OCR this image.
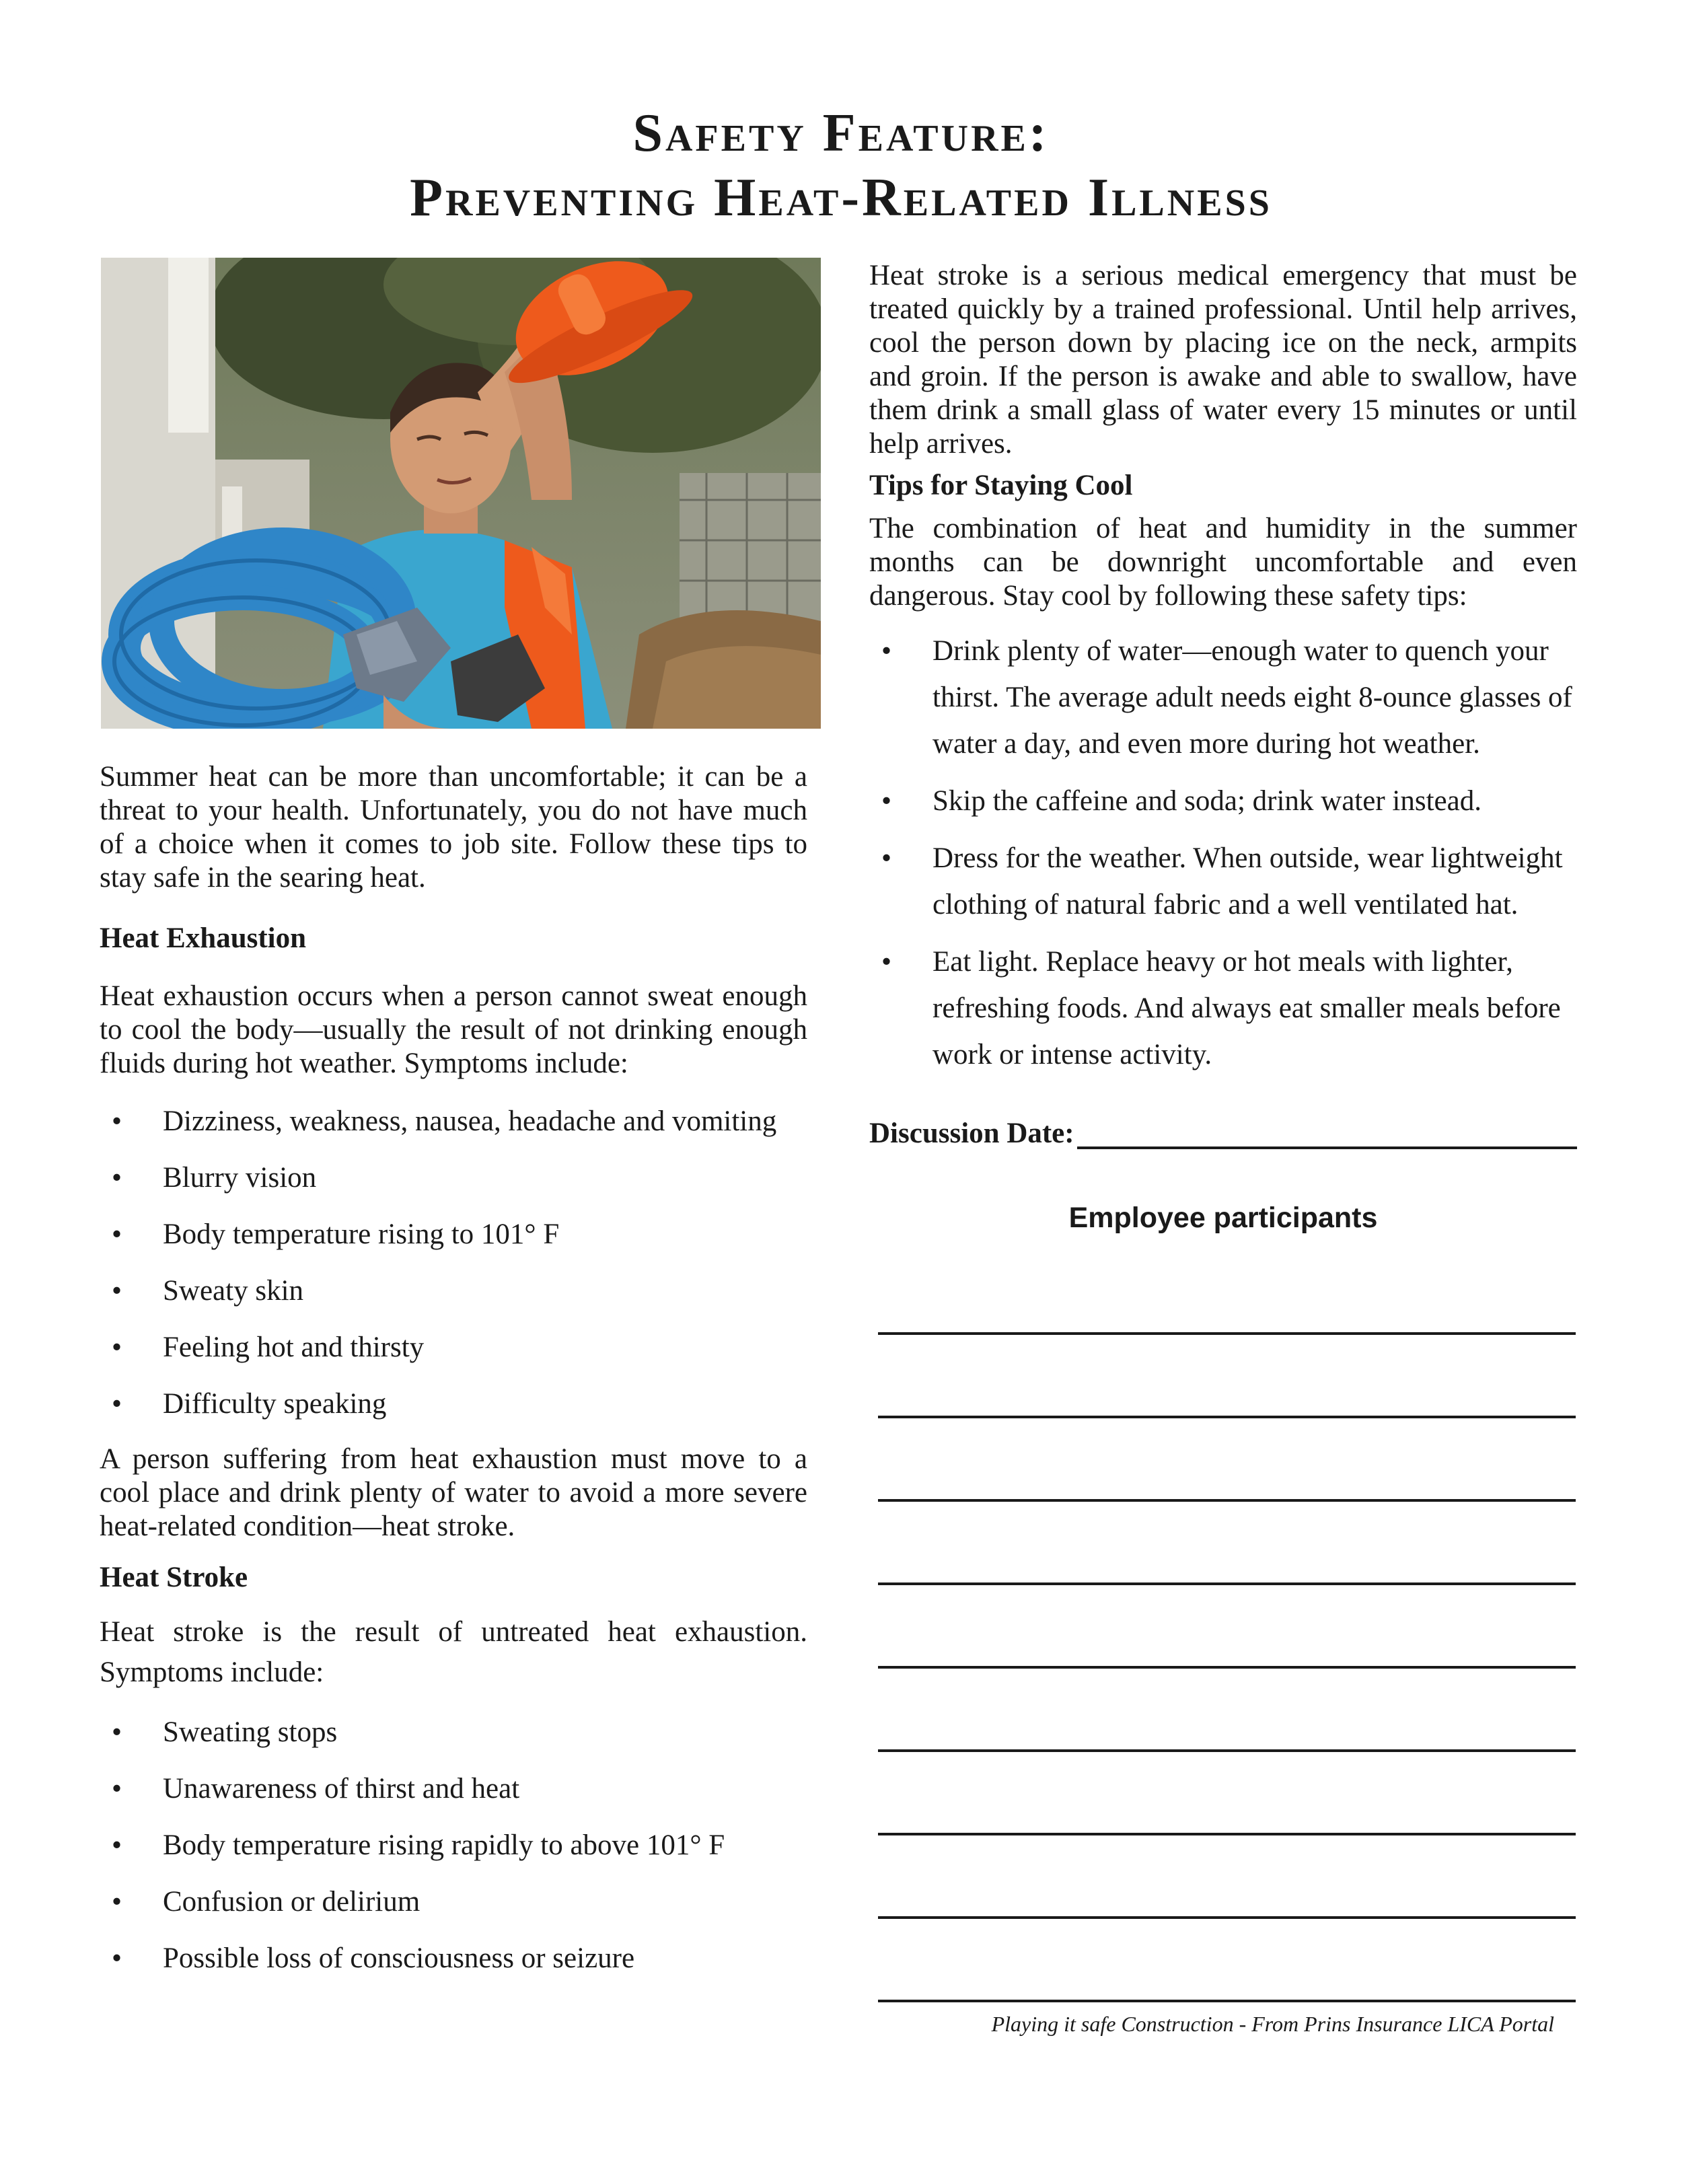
Safety Feature:
Preventing Heat-Related Illness

Summer heat can be more than uncomfortable; it can be a threat to your health. Unfortunately, you do not have much of a choice when it comes to job site. Follow these tips to stay safe in the searing heat.

Heat Exhaustion

Heat exhaustion occurs when a person cannot sweat enough to cool the body—usually the result of not drinking enough fluids during hot weather. Symptoms include:

• Dizziness, weakness, nausea, headache and vomiting
• Blurry vision
• Body temperature rising to 101° F
• Sweaty skin
• Feeling hot and thirsty
• Difficulty speaking

A person suffering from heat exhaustion must move to a cool place and drink plenty of water to avoid a more severe heat-related condition—heat stroke.

Heat Stroke

Heat stroke is the result of untreated heat exhaustion. Symptoms include:

• Sweating stops
• Unawareness of thirst and heat
• Body temperature rising rapidly to above 101° F
• Confusion or delirium
• Possible loss of consciousness or seizure

Heat stroke is a serious medical emergency that must be treated quickly by a trained professional. Until help arrives, cool the person down by placing ice on the neck, armpits and groin. If the person is awake and able to swallow, have them drink a small glass of water every 15 minutes or until help arrives.

Tips for Staying Cool

The combination of heat and humidity in the summer months can be downright uncomfortable and even dangerous. Stay cool by following these safety tips:

• Drink plenty of water—enough water to quench your thirst. The average adult needs eight 8-ounce glasses of water a day, and even more during hot weather.
• Skip the caffeine and soda; drink water instead.
• Dress for the weather. When outside, wear lightweight clothing of natural fabric and a well ventilated hat.
• Eat light. Replace heavy or hot meals with lighter, refreshing foods. And always eat smaller meals before work or intense activity.
Discussion Date:
Employee participants
Playing it safe Construction - From Prins Insurance LICA Portal
